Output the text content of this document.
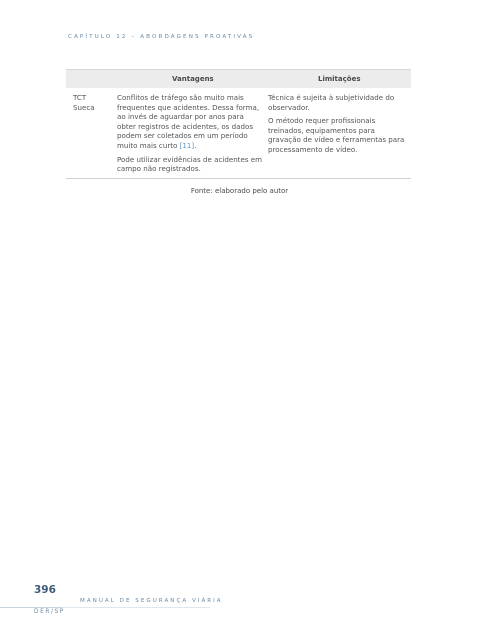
CAPÍTULO 12 – ABORDAGENS PROATIVAS
Vantagens	Limitações
TCT
Sueca

Conflitos de tráfego são muito mais frequentes que acidentes. Dessa forma, ao invés de aguardar por anos para obter registros de acidentes, os dados podem ser coletados em um período muito mais curto [11].

Pode utilizar evidências de acidentes em campo não registrados.

Técnica é sujeita à subjetividade do observador.

O método requer profissionais treinados, equipamentos para gravação de vídeo e ferramentas para processamento de vídeo.

Fonte: elaborado pelo autor
396
MANUAL DE SEGURANÇA VIÁRIA
DER/SP
